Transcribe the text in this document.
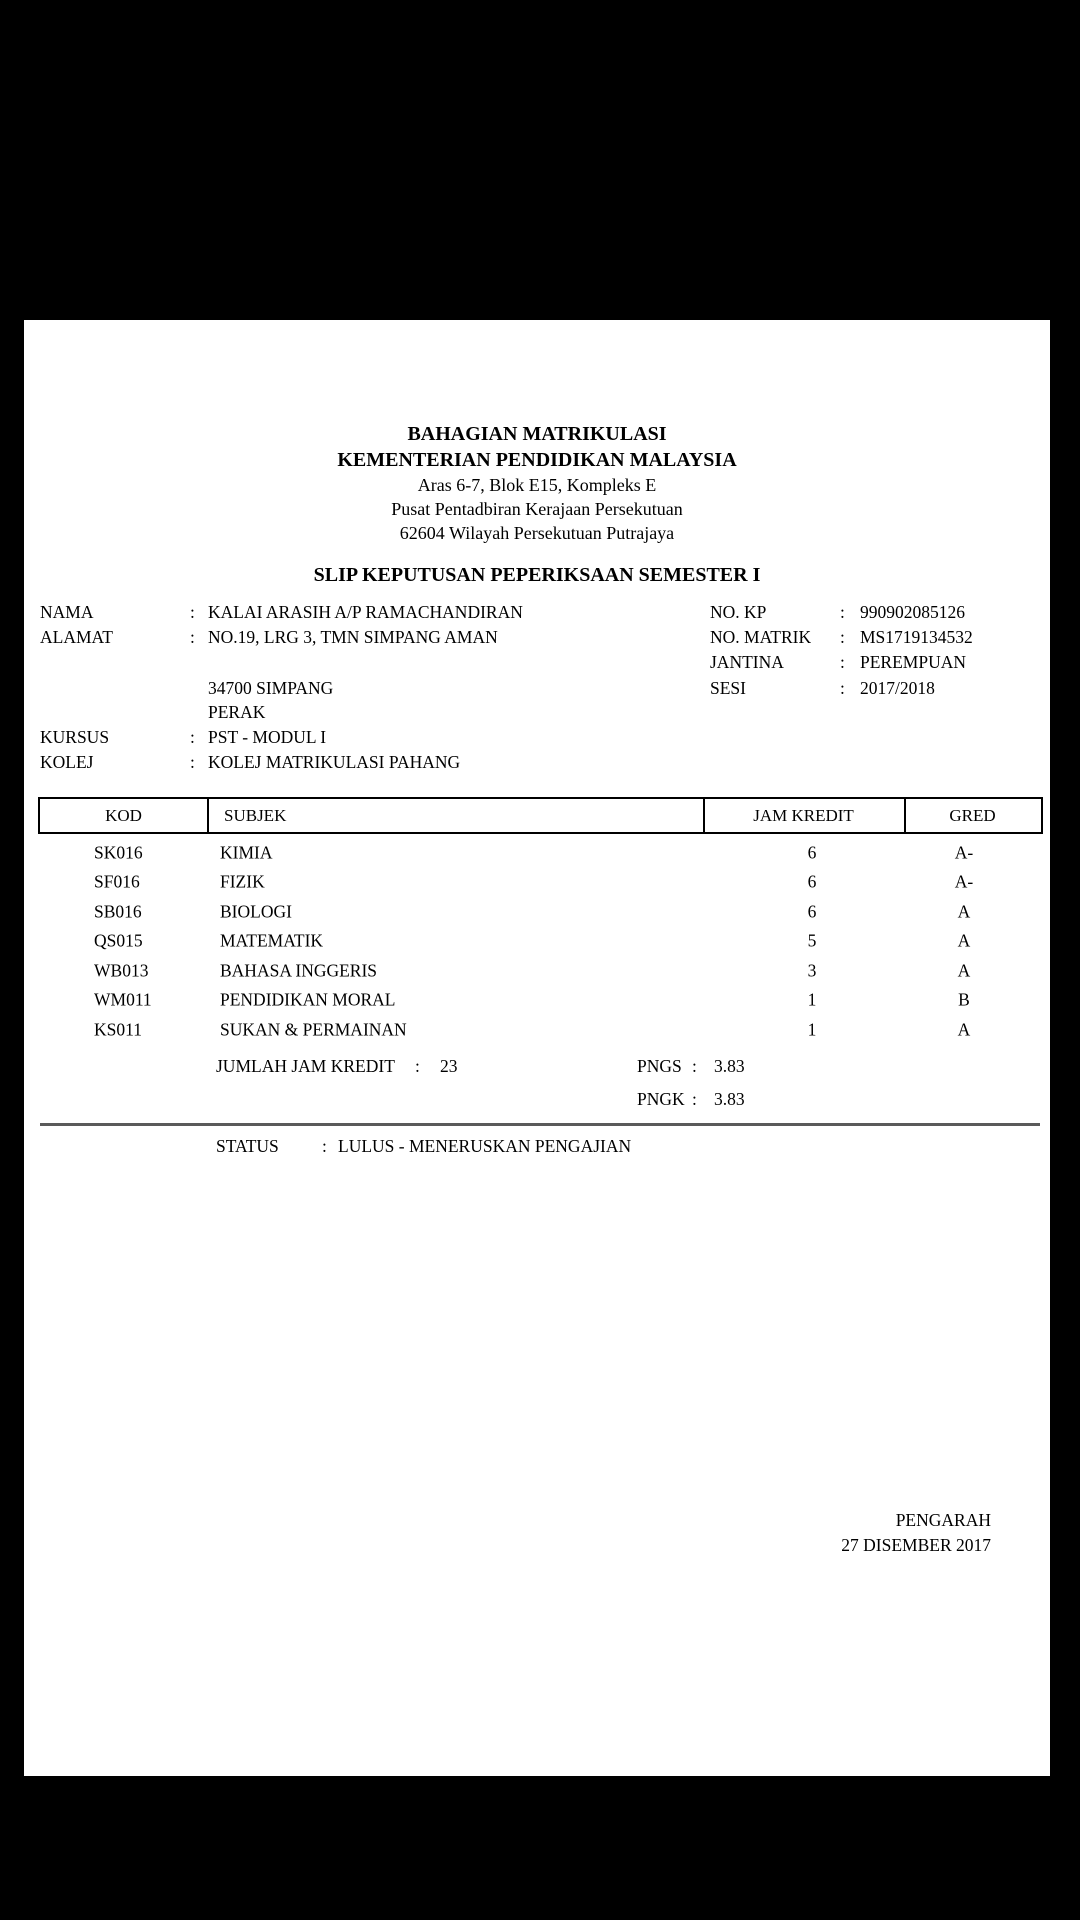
BAHAGIAN MATRIKULASI
KEMENTERIAN PENDIDIKAN MALAYSIA
Aras 6-7, Blok E15, Kompleks E
Pusat Pentadbiran Kerajaan Persekutuan
62604 Wilayah Persekutuan Putrajaya
SLIP KEPUTUSAN PEPERIKSAAN SEMESTER I
NAMA	: KALAI ARASIH A/P RAMACHANDIRAN
ALAMAT	: NO.19, LRG 3, TMN SIMPANG AMAN
34700 SIMPANG
PERAK
KURSUS	: PST - MODUL I
KOLEJ	: KOLEJ MATRIKULASI PAHANG
NO. KP	: 990902085126
NO. MATRIK : MS1719134532
JANTINA	: PEREMPUAN
SESI	: 2017/2018
KOD	SUBJEK	JAM KREDIT	GRED
SK016	KIMIA	6	A-
SF016	FIZIK	6	A-
SB016	BIOLOGI	6	A
QS015	MATEMATIK	5	A
WB013	BAHASA INGGERIS	3	A
WM011	PENDIDIKAN MORAL	1	B
KS011	SUKAN & PERMAINAN	1	A
JUMLAH JAM KREDIT : 23	PNGS : 3.83
PNGK : 3.83
STATUS : LULUS - MENERUSKAN PENGAJIAN
PENGARAH
27 DISEMBER 2017
